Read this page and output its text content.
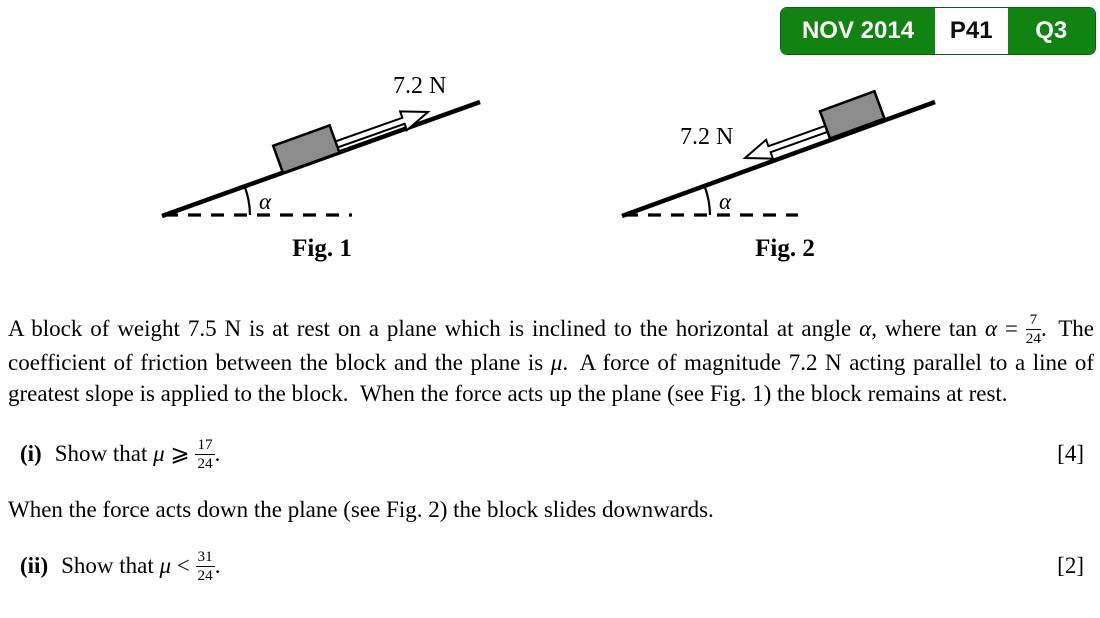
NOV 2014	P41	Q3
α
7.2 N
Fig. 1
α
7.2 N
Fig. 2

A block of weight 7.5 N is at rest on a plane which is inclined to the horizontal at angle α, where $\tan \alpha = \frac{7}{24}$ . The coefficient of friction between the block and the plane is μ. A force of magnitude 7.2 N acting parallel to a line of greatest slope is applied to the block. When the force acts up the plane (see Fig. 1) the block remains at rest.

(i) Show that μ ⩾ $\frac{17}{24}$ .	[4]

When the force acts down the plane (see Fig. 2) the block slides downwards.

(ii) Show that $\mu < \frac{31}{24}$ .	[2]
